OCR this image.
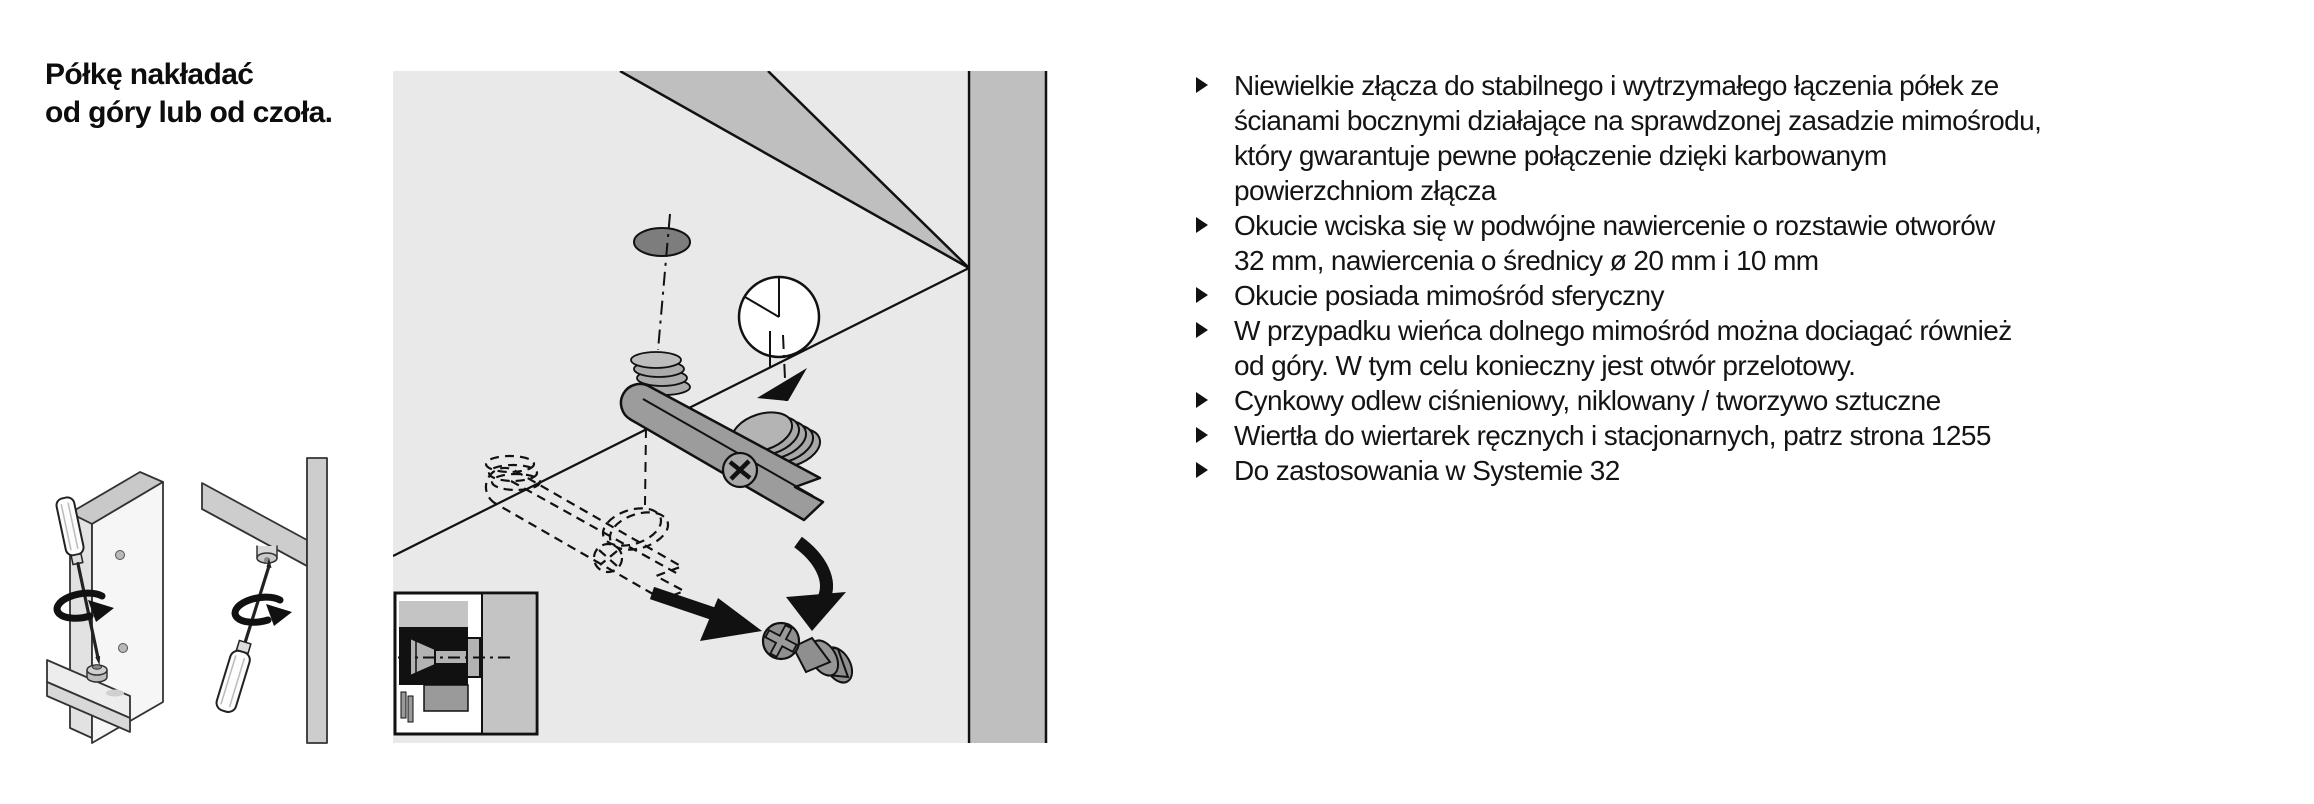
Półkę nakładać
od góry lub od czoła.
Niewielkie złącza do stabilnego i wytrzymałego łączenia półek ze
ścianami bocznymi działające na sprawdzonej zasadzie mimośrodu,
który gwarantuje pewne połączenie dzięki karbowanym
powierzchniom złącza
Okucie wciska się w podwójne nawiercenie o rozstawie otworów
32 mm, nawiercenia o średnicy ø 20 mm i 10 mm
Okucie posiada mimośród sferyczny
W przypadku wieńca dolnego mimośród można dociagać również
od góry. W tym celu konieczny jest otwór przelotowy.
Cynkowy odlew ciśnieniowy, niklowany / tworzywo sztuczne
Wiertła do wiertarek ręcznych i stacjonarnych, patrz strona 1255
Do zastosowania w Systemie 32
